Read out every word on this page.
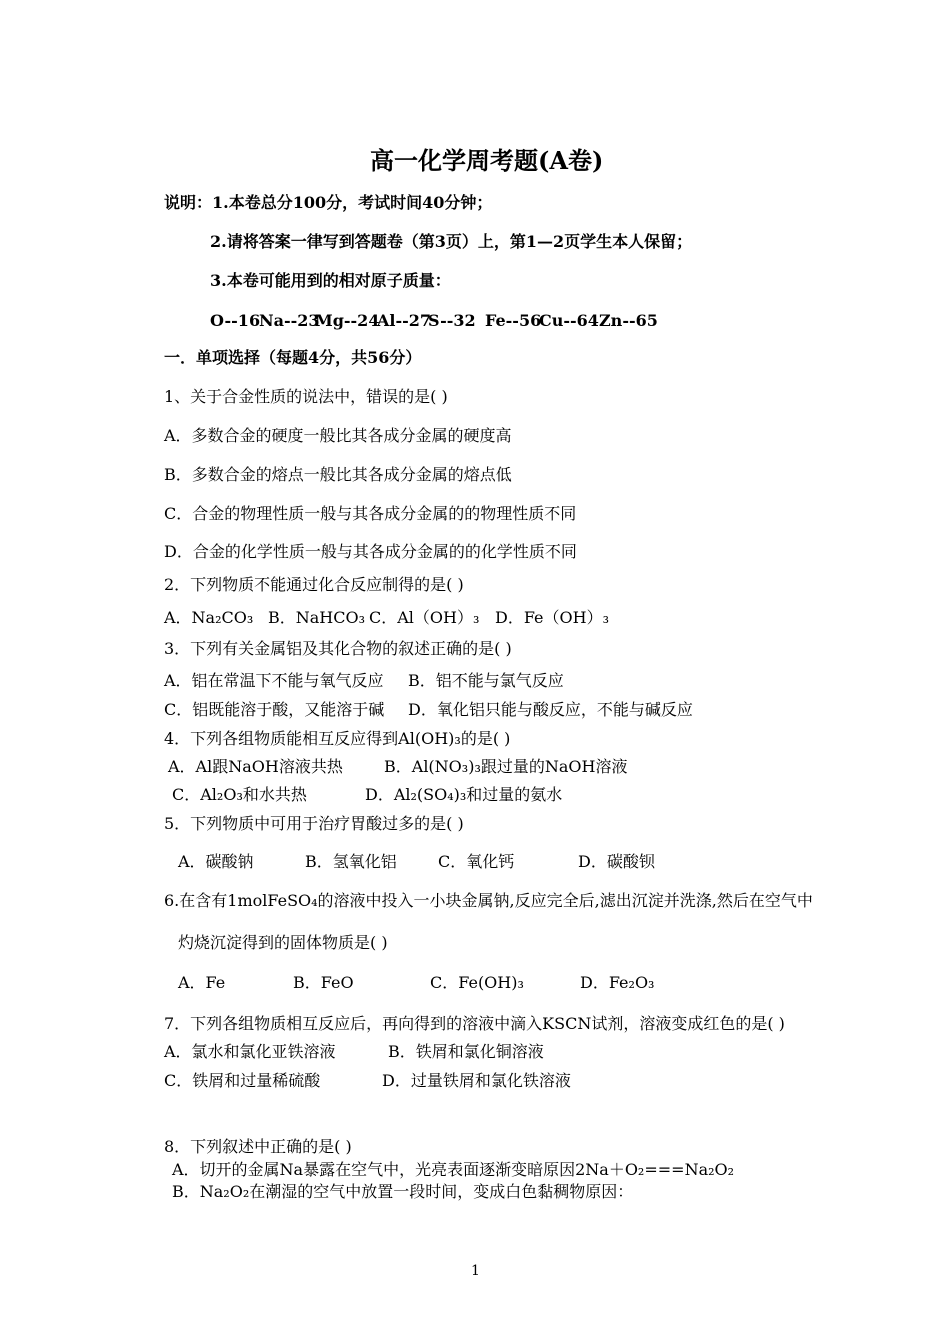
高一化学周考题(A卷)
说明：1.本卷总分100分，考试时间40分钟；
2.请将答案一律写到答题卷（第3页）上，第1—2页学生本人保留；
3.本卷可能用到的相对原子质量：
O--16
Na--23
Mg--24
Al--27
S--32 Fe--56
Cu--64 Zn--65
一．单项选择（每题4分，共56分）
1、关于合金性质的说法中，错误的是( )
A．多数合金的硬度一般比其各成分金属的硬度高
B．多数合金的熔点一般比其各成分金属的熔点低
C．合金的物理性质一般与其各成分金属的的物理性质不同
D．合金的化学性质一般与其各成分金属的的化学性质不同
2．下列物质不能通过化合反应制得的是( )
A．Na₂CO₃ B．NaHCO₃ C．Al（OH）₃ D．Fe（OH）₃
3．下列有关金属铝及其化合物的叙述正确的是( )
A．铝在常温下不能与氧气反应 B．铝不能与氯气反应
C．铝既能溶于酸，又能溶于碱 D．氧化铝只能与酸反应，不能与碱反应
4．下列各组物质能相互反应得到Al(OH)₃的是( )
A．Al跟NaOH溶液共热	B．Al(NO₃)₃跟过量的NaOH溶液
C．Al₂O₃和水共热	D．Al₂(SO₄)₃和过量的氨水
5．下列物质中可用于治疗胃酸过多的是( )
A．碳酸钠	B．氢氧化铝	C．氧化钙	D．碳酸钡
6.在含有1molFeSO₄的溶液中投入一小块金属钠,反应完全后,滤出沉淀并洗涤,然后在空气中
灼烧沉淀得到的固体物质是( )
A．Fe	B．FeO	C．Fe(OH)₃	D．Fe₂O₃
7．下列各组物质相互反应后，再向得到的溶液中滴入KSCN试剂，溶液变成红色的是( )
A．氯水和氯化亚铁溶液	B．铁屑和氯化铜溶液
C．铁屑和过量稀硫酸	D．过量铁屑和氯化铁溶液
8．下列叙述中正确的是( )
A．切开的金属Na暴露在空气中，光亮表面逐渐变暗原因2Na＋O₂===Na₂O₂
B．Na₂O₂在潮湿的空气中放置一段时间，变成白色黏稠物原因：
1
